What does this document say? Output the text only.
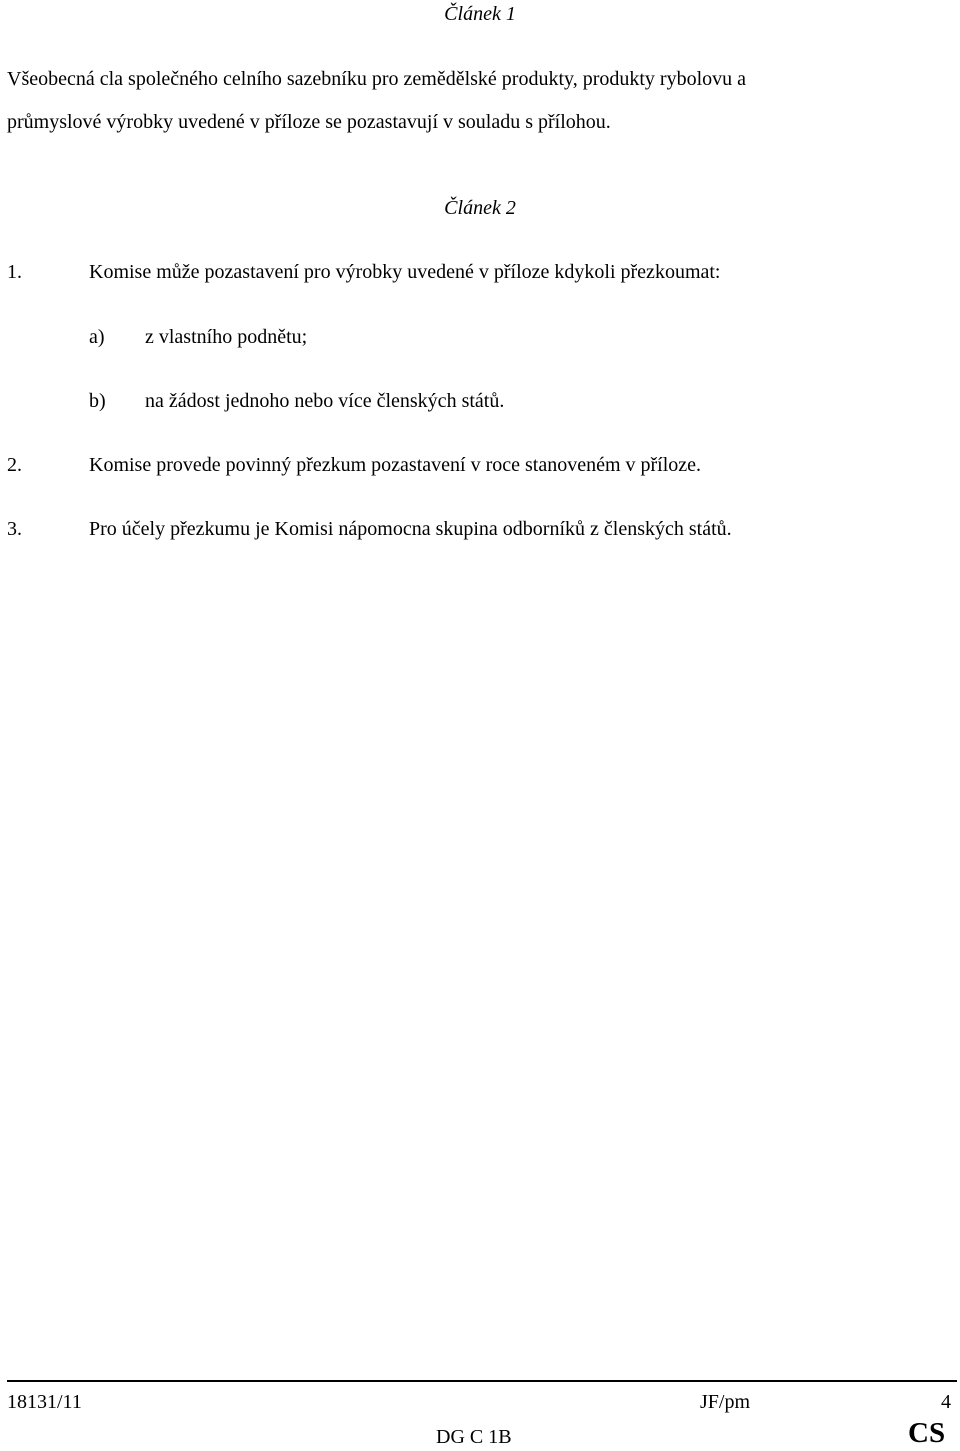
Článek 1
Všeobecná cla společného celního sazebníku pro zemědělské produkty, produkty rybolovu a
průmyslové výrobky uvedené v příloze se pozastavují v souladu s přílohou.
Článek 2
1.	Komise může pozastavení pro výrobky uvedené v příloze kdykoli přezkoumat:
a) z vlastního podnětu;
b) na žádost jednoho nebo více členských států.
2.	Komise provede povinný přezkum pozastavení v roce stanoveném v příloze.
3.	Pro účely přezkumu je Komisi nápomocna skupina odborníků z členských států.
18131/11	JF/pm	4
DG C 1B	CS
